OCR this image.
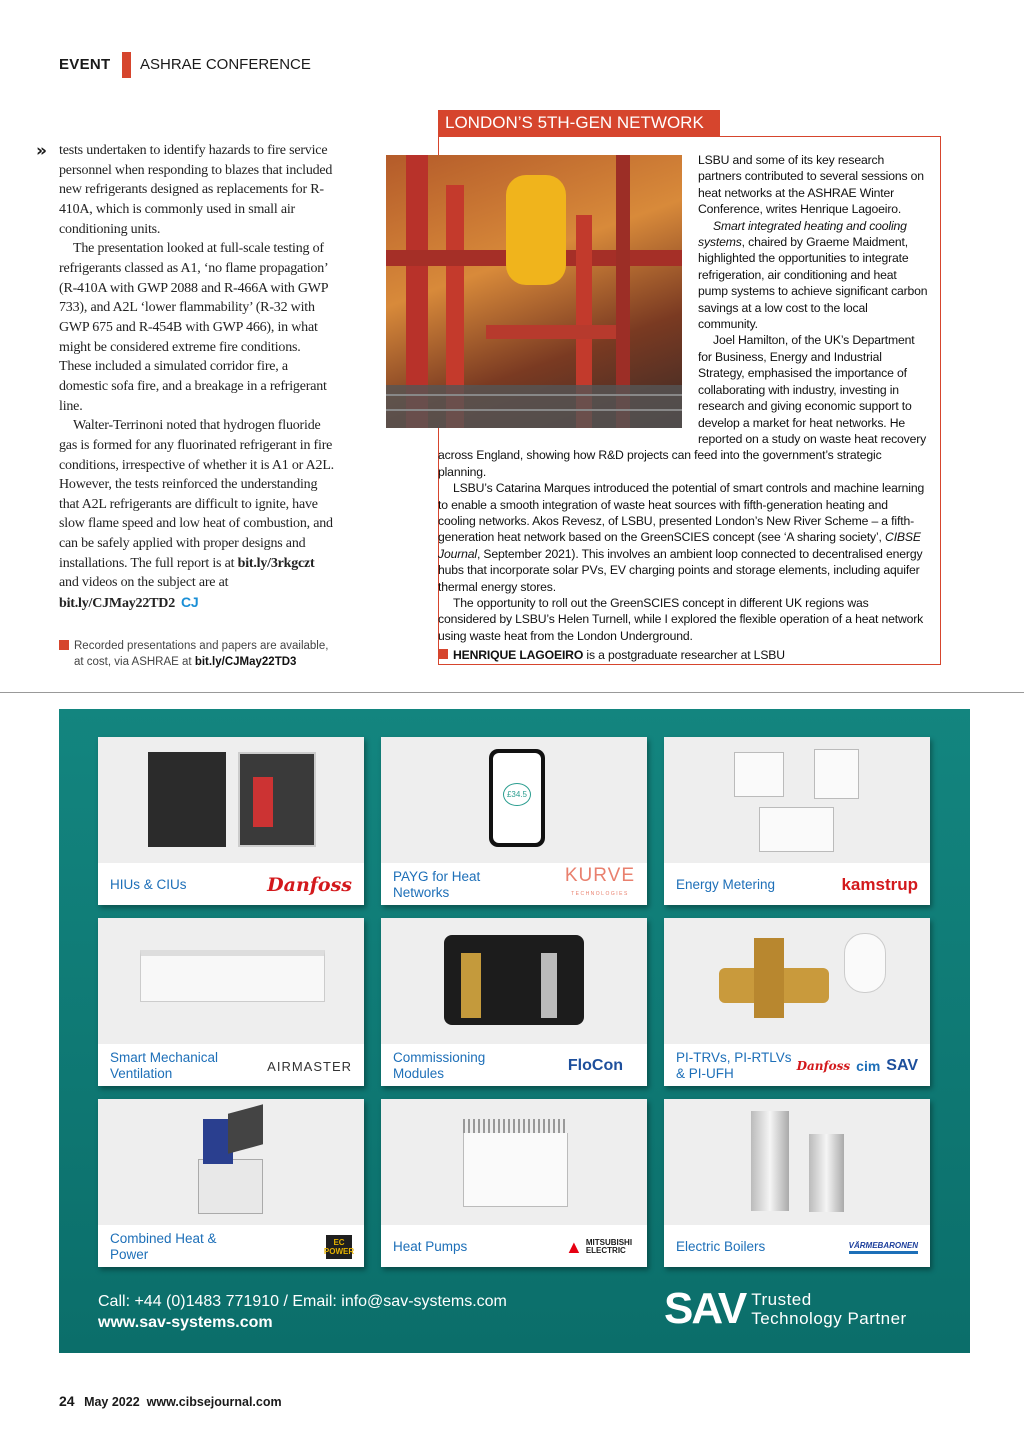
EVENT ASHRAE CONFERENCE
» tests undertaken to identify hazards to fire service personnel when responding to blazes that included new refrigerants designed as replacements for R-410A, which is commonly used in small air conditioning units.

The presentation looked at full-scale testing of refrigerants classed as A1, ‘no flame propagation’ (R-410A with GWP 2088 and R-466A with GWP 733), and A2L ‘lower flammability’ (R-32 with GWP 675 and R-454B with GWP 466), in what might be considered extreme fire conditions. These included a simulated corridor fire, a domestic sofa fire, and a breakage in a refrigerant line.

Walter-Terrinoni noted that hydrogen fluoride gas is formed for any fluorinated refrigerant in fire conditions, irrespective of whether it is A1 or A2L. However, the tests reinforced the understanding that A2L refrigerants are difficult to ignite, have slow flame speed and low heat of combustion, and can be safely applied with proper designs and installations. The full report is at bit.ly/3rkgczt and videos on the subject are at bit.ly/CJMay22TD2 CJ

Recorded presentations and papers are available, at cost, via ASHRAE at bit.ly/CJMay22TD3
LONDON’S 5TH-GEN NETWORK

LSBU and some of its key research partners contributed to several sessions on heat networks at the ASHRAE Winter Conference, writes Henrique Lagoeiro.

Smart integrated heating and cooling systems, chaired by Graeme Maidment, highlighted the opportunities to integrate refrigeration, air conditioning and heat pump systems to achieve significant carbon savings at a low cost to the local community.

Joel Hamilton, of the UK’s Department for Business, Energy and Industrial Strategy, emphasised the importance of collaborating with industry, investing in research and giving economic support to develop a market for heat networks. He reported on a study on waste heat recovery across England, showing how R&D projects can feed into the government’s strategic planning.

LSBU’s Catarina Marques introduced the potential of smart controls and machine learning to enable a smooth integration of waste heat sources with fifth-generation heating and cooling networks. Akos Revesz, of LSBU, presented London’s New River Scheme – a fifth-generation heat network based on the GreenSCIES concept (see ‘A sharing society’, CIBSE Journal, September 2021). This involves an ambient loop connected to decentralised energy hubs that incorporate solar PVs, EV charging points and storage elements, including aquifer thermal energy stores.

The opportunity to roll out the GreenSCIES concept in different UK regions was considered by LSBU’s Helen Turnell, while I explored the flexible operation of a heat network using waste heat from the London Underground.

HENRIQUE LAGOEIRO is a postgraduate researcher at LSBU
HIUs & CIUs	Danfoss
£34.5
PAYG for Heat Networks
KURVE
TECHNOLOGIES
Energy Metering	kamstrup
Smart Mechanical Ventilation	AIRMASTER
Commissioning Modules	FloCon	PI-TRVs, PI-RTLVs & PI-UFH	Danfoss cim SAV
Combined Heat & Power
EC POWER	Heat Pumps	▲ MITSUBISHI ELECTRIC	Electric Boilers	VÄRMEBARONEN
Call: +44 (0)1483 771910 / Email: info@sav-systems.com
www.sav-systems.com	SAV Trusted
Technology Partner
24 May 2022 www.cibsejournal.com
